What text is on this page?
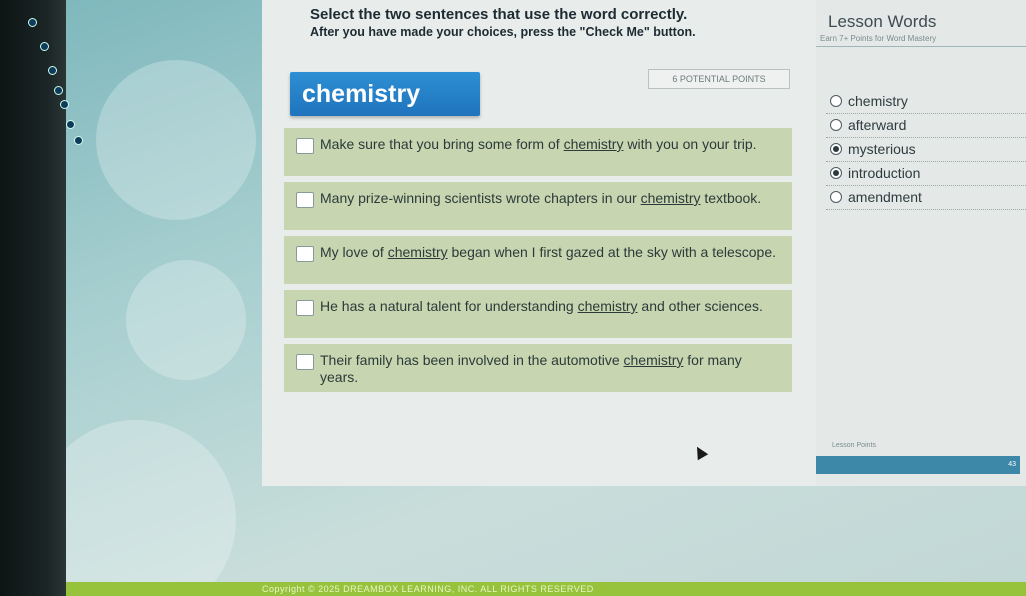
Select the two sentences that use the word correctly.
After you have made your choices, press the "Check Me" button.
chemistry
6 POTENTIAL POINTS
Make sure that you bring some form of chemistry with you on your trip.
Many prize-winning scientists wrote chapters in our chemistry textbook.
My love of chemistry began when I first gazed at the sky with a telescope.
He has a natural talent for understanding chemistry and other sciences.
Their family has been involved in the automotive chemistry for many years.
Lesson Words
Earn 7+ Points for Word Mastery
chemistry
afterward
mysterious
introduction
amendment
Lesson Points
43
Copyright © 2025 DREAMBOX LEARNING, INC. ALL RIGHTS RESERVED
